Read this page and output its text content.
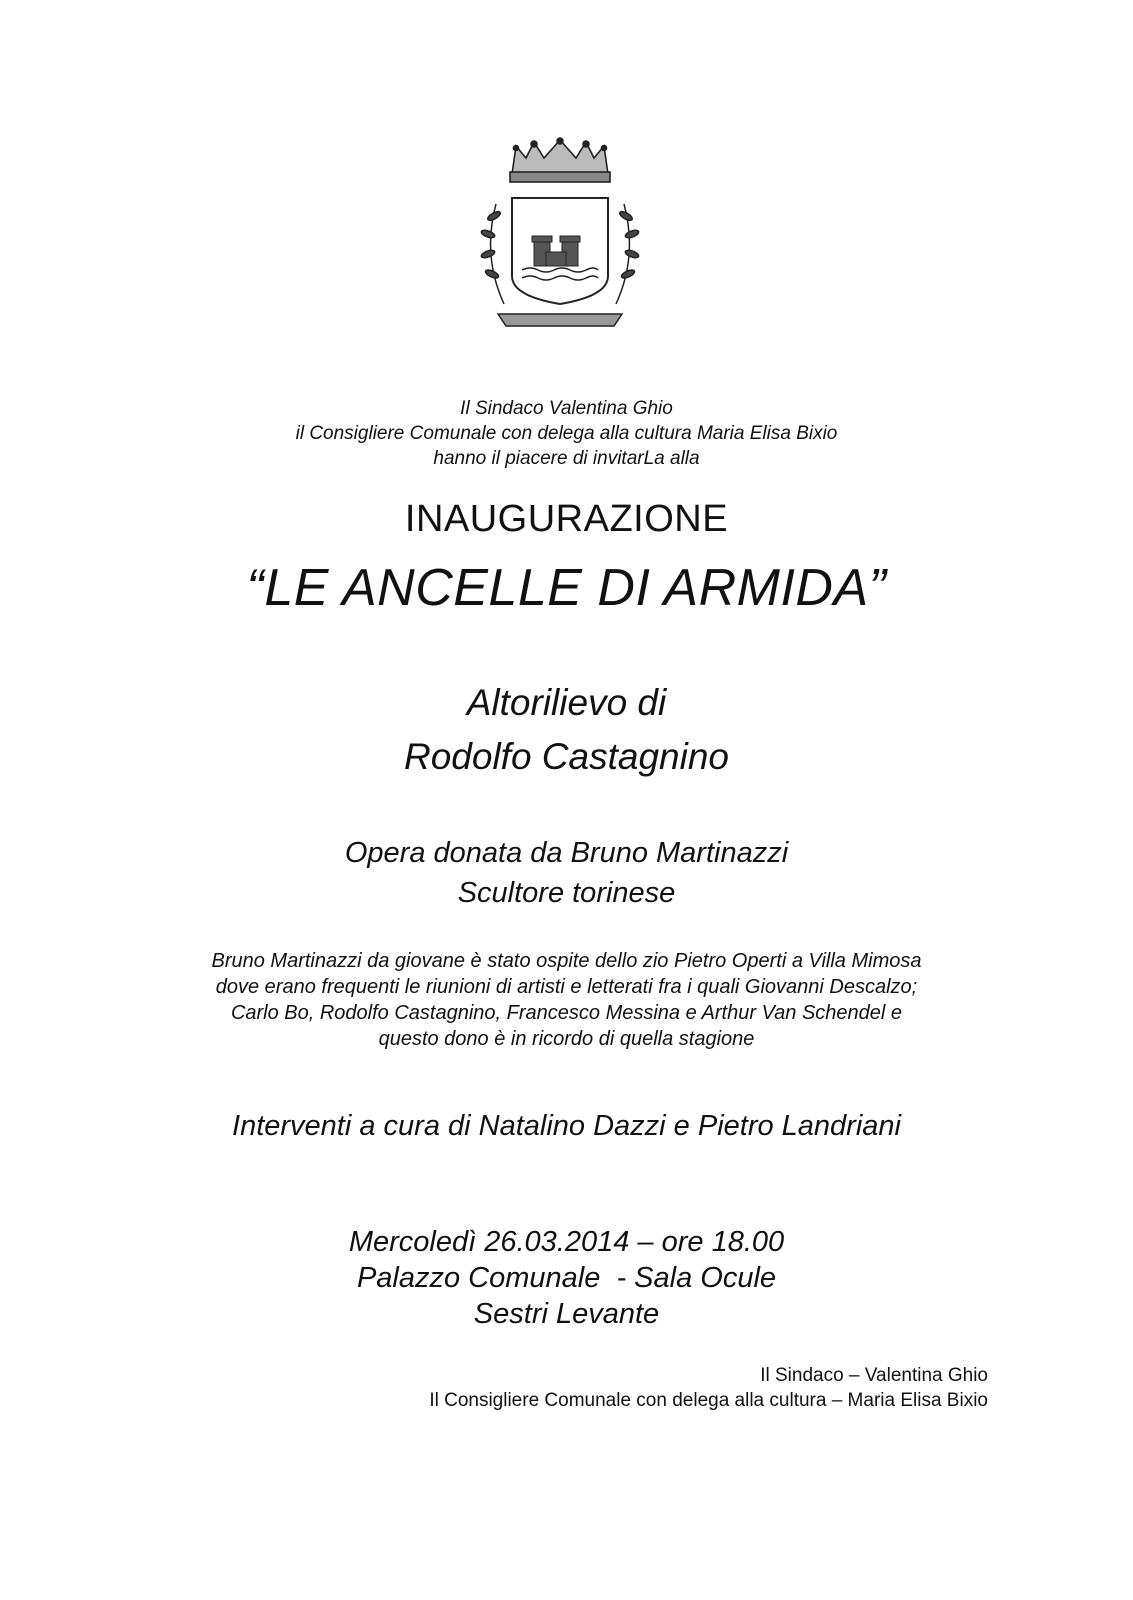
Il Sindaco Valentina Ghio
il Consigliere Comunale con delega alla cultura Maria Elisa Bixio
hanno il piacere di invitarLa alla
INAUGURAZIONE
“LE ANCELLE DI ARMIDA”
Altorilievo di
Rodolfo Castagnino
Opera donata da Bruno Martinazzi
Scultore torinese
Bruno Martinazzi da giovane è stato ospite dello zio Pietro Operti a Villa Mimosa
dove erano frequenti le riunioni di artisti e letterati fra i quali Giovanni Descalzo;
Carlo Bo, Rodolfo Castagnino, Francesco Messina e Arthur Van Schendel e
questo dono è in ricordo di quella stagione
Interventi a cura di Natalino Dazzi e Pietro Landriani
Mercoledì 26.03.2014 – ore 18.00
Palazzo Comunale  - Sala Ocule
Sestri Levante
Il Sindaco – Valentina Ghio
Il Consigliere Comunale con delega alla cultura – Maria Elisa Bixio
